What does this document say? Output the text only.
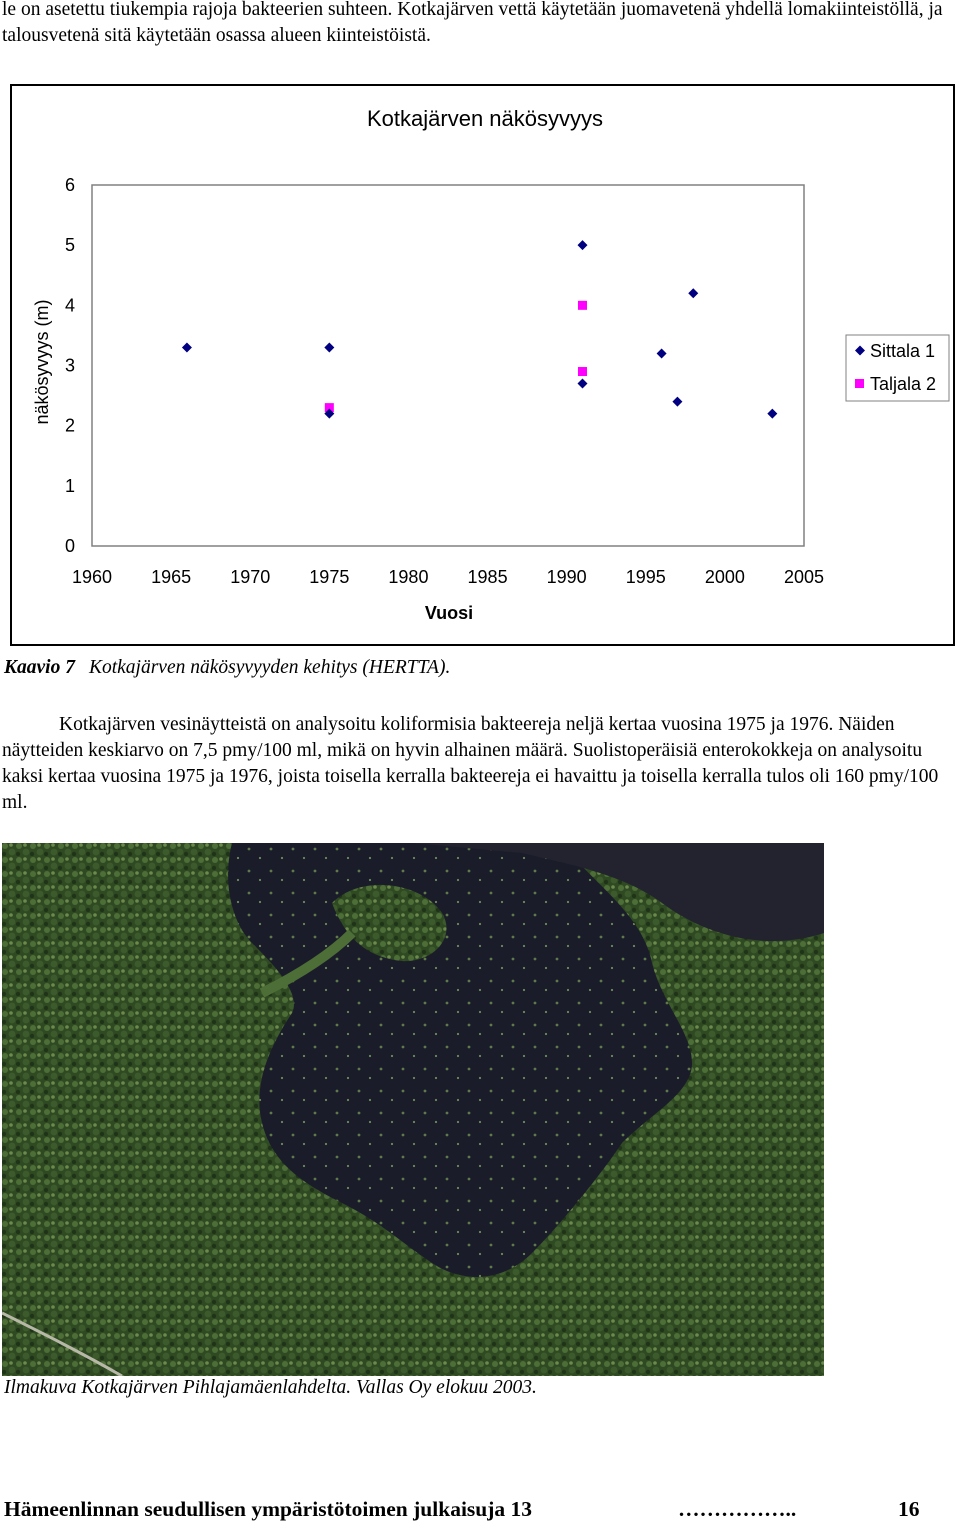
le on asetettu tiukempia rajoja bakteerien suhteen. Kotkajärven vettä käytetään juomavetenä yhdellä lomakiinteistöllä, ja talousvetenä sitä käytetään osassa alueen kiinteistöistä.

Kotkajärven näkösyvyys
näkösyvyys (m)
Vuosi
6
5
4
3
2
1
0
1960 1965 1970 1975 1980 1985 1990 1995 2000 2005
Sittala 1
Taljala 2

Kaavio 7 Kotkajärven näkösyvyyden kehitys (HERTTA).

Kotkajärven vesinäytteistä on analysoitu koliformisia bakteereja neljä kertaa vuosina 1975 ja 1976. Näiden näytteiden keskiarvo on 7,5 pmy/100 ml, mikä on hyvin alhainen määrä. Suolistoperäisiä enterokokkeja on analysoitu kaksi kertaa vuosina 1975 ja 1976, joista toisella kerralla bakteereja ei havaittu ja toisella kerralla tulos oli 160 pmy/100 ml.

Ilmakuva Kotkajärven Pihlajamäenlahdelta. Vallas Oy elokuu 2003.

Hämeenlinnan seudullisen ympäristötoimen julkaisuja 13	……………..	16
